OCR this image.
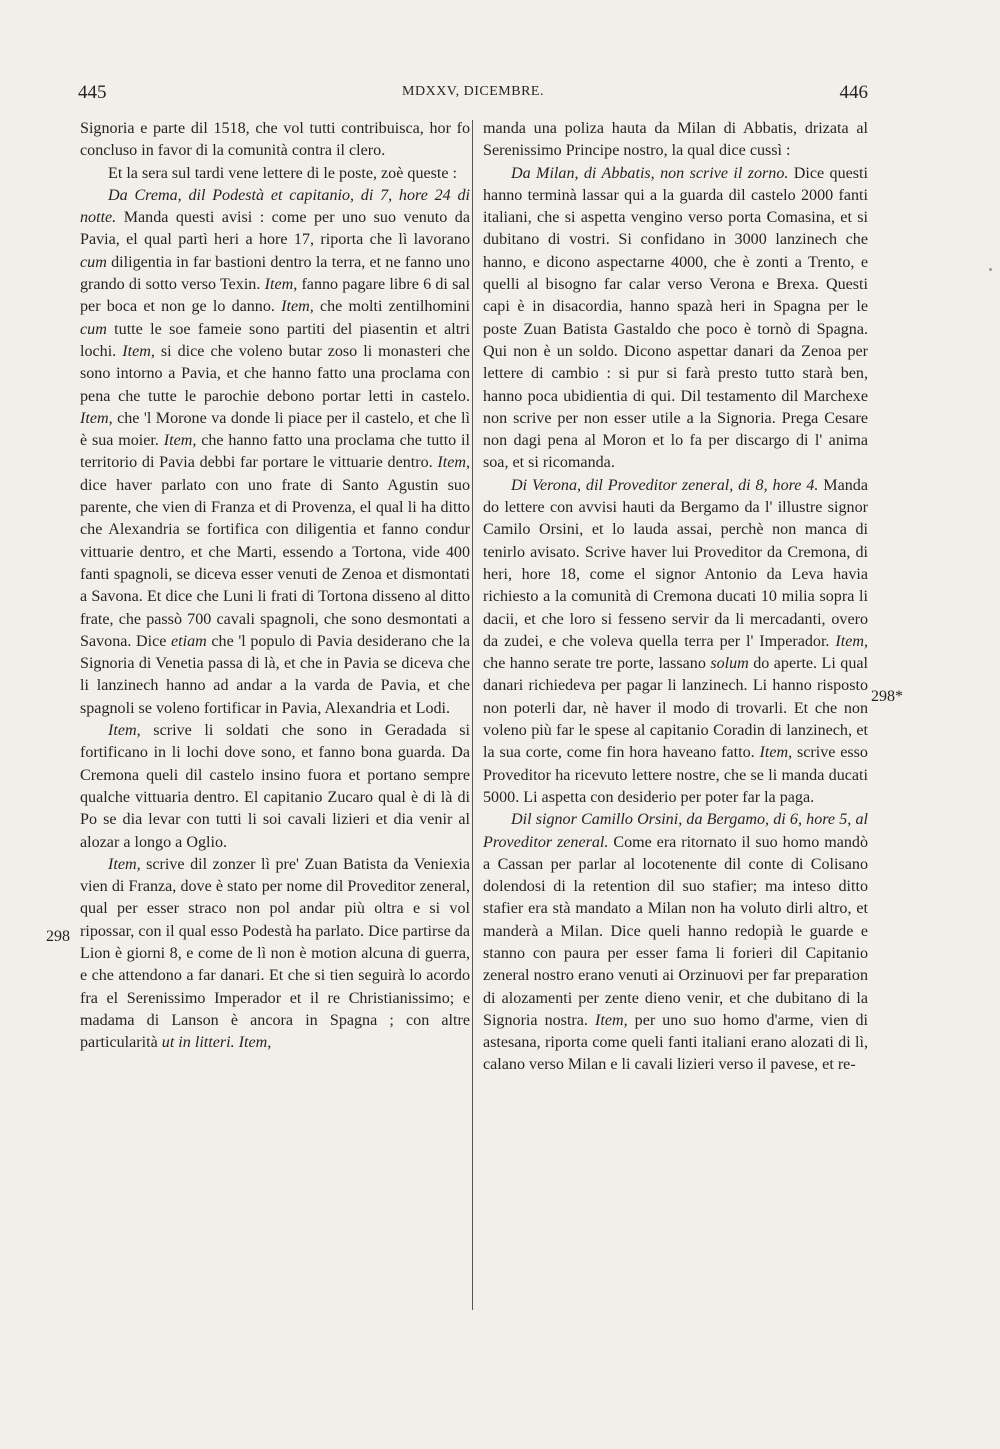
445	MDXXV, DICEMBRE.	446
298
298*

Signoria e parte dil 1518, che vol tutti contribuisca, hor fo concluso in favor di la comunità contra il clero.

Et la sera sul tardi vene lettere di le poste, zoè queste :

Da Crema, dil Podestà et capitanio, di 7, hore 24 di notte. Manda questi avisi : come per uno suo venuto da Pavia, el qual partì heri a hore 17, riporta che lì lavorano cum diligentia in far bastioni dentro la terra, et ne fanno uno grando di sotto verso Texin. Item, fanno pagare libre 6 di sal per boca et non ge lo danno. Item, che molti zentilhomini cum tutte le soe fameie sono partiti del piasentin et altri lochi. Item, si dice che voleno butar zoso li monasteri che sono intorno a Pavia, et che hanno fatto una proclama con pena che tutte le parochie debono portar letti in castelo. Item, che 'l Morone va donde li piace per il castelo, et che lì è sua moier. Item, che hanno fatto una proclama che tutto il territorio di Pavia debbi far portare le vittuarie dentro. Item, dice haver parlato con uno frate di Santo Agustin suo parente, che vien di Franza et di Provenza, el qual li ha ditto che Alexandria se fortifica con diligentia et fanno condur vittuarie dentro, et che Marti, essendo a Tortona, vide 400 fanti spagnoli, se diceva esser venuti de Zenoa et dismontati a Savona. Et dice che Luni li frati di Tortona disseno al ditto frate, che passò 700 cavali spagnoli, che sono desmontati a Savona. Dice etiam che 'l populo di Pavia desiderano che la Signoria di Venetia passa di là, et che in Pavia se diceva che li lanzinech hanno ad andar a la varda de Pavia, et che spagnoli se voleno fortificar in Pavia, Alexandria et Lodi.

Item, scrive li soldati che sono in Geradada si fortificano in li lochi dove sono, et fanno bona guarda. Da Cremona queli dil castelo insino fuora et portano sempre qualche vittuaria dentro. El capitanio Zucaro qual è di là di Po se dia levar con tutti li soi cavali lizieri et dia venir al alozar a longo a Oglio.

Item, scrive dil zonzer lì pre' Zuan Batista da Veniexia vien di Franza, dove è stato per nome dil Proveditor zeneral, qual per esser straco non pol andar più oltra e si vol ripossar, con il qual esso Podestà ha parlato. Dice partirse da Lion è giorni 8, e come de lì non è motion alcuna di guerra, e che attendono a far danari. Et che si tien seguirà lo acordo fra el Serenissimo Imperador et il re Christianissimo; e madama di Lanson è ancora in Spagna ; con altre particularità ut in litteri. Item,

manda una poliza hauta da Milan di Abbatis, drizata al Serenissimo Principe nostro, la qual dice cussì :

Da Milan, di Abbatis, non scrive il zorno. Dice questi hanno terminà lassar qui a la guarda dil castelo 2000 fanti italiani, che si aspetta vengino verso porta Comasina, et si dubitano di vostri. Si confidano in 3000 lanzinech che hanno, e dicono aspectarne 4000, che è zonti a Trento, e quelli al bisogno far calar verso Verona e Brexa. Questi capi è in disacordia, hanno spazà heri in Spagna per le poste Zuan Batista Gastaldo che poco è tornò di Spagna. Qui non è un soldo. Dicono aspettar danari da Zenoa per lettere di cambio : si pur si farà presto tutto starà ben, hanno poca ubidientia di qui. Dil testamento dil Marchexe non scrive per non esser utile a la Signoria. Prega Cesare non dagi pena al Moron et lo fa per discargo di l' anima soa, et si ricomanda.

Di Verona, dil Proveditor zeneral, di 8, hore 4. Manda do lettere con avvisi hauti da Bergamo da l' illustre signor Camilo Orsini, et lo lauda assai, perchè non manca di tenirlo avisato. Scrive haver lui Proveditor da Cremona, di heri, hore 18, come el signor Antonio da Leva havia richiesto a la comunità di Cremona ducati 10 milia sopra li dacii, et che loro si fesseno servir da li mercadanti, overo da zudei, e che voleva quella terra per l' Imperador. Item, che hanno serate tre porte, lassano solum do aperte. Li qual danari richiedeva per pagar li lanzinech. Li hanno risposto non poterli dar, nè haver il modo di trovarli. Et che non voleno più far le spese al capitanio Coradin di lanzinech, et la sua corte, come fin hora haveano fatto. Item, scrive esso Proveditor ha ricevuto lettere nostre, che se li manda ducati 5000. Li aspetta con desiderio per poter far la paga.

Dil signor Camillo Orsini, da Bergamo, di 6, hore 5, al Proveditor zeneral. Come era ritornato il suo homo mandò a Cassan per parlar al locotenente dil conte di Colisano dolendosi di la retention dil suo stafier; ma inteso ditto stafier era stà mandato a Milan non ha voluto dirli altro, et manderà a Milan. Dice queli hanno redopià le guarde e stanno con paura per esser fama li forieri dil Capitanio zeneral nostro erano venuti ai Orzinuovi per far preparation di alozamenti per zente dieno venir, et che dubitano di la Signoria nostra. Item, per uno suo homo d'arme, vien di astesana, riporta come queli fanti italiani erano alozati di lì, calano verso Milan e li cavali lizieri verso il pavese, et re-
